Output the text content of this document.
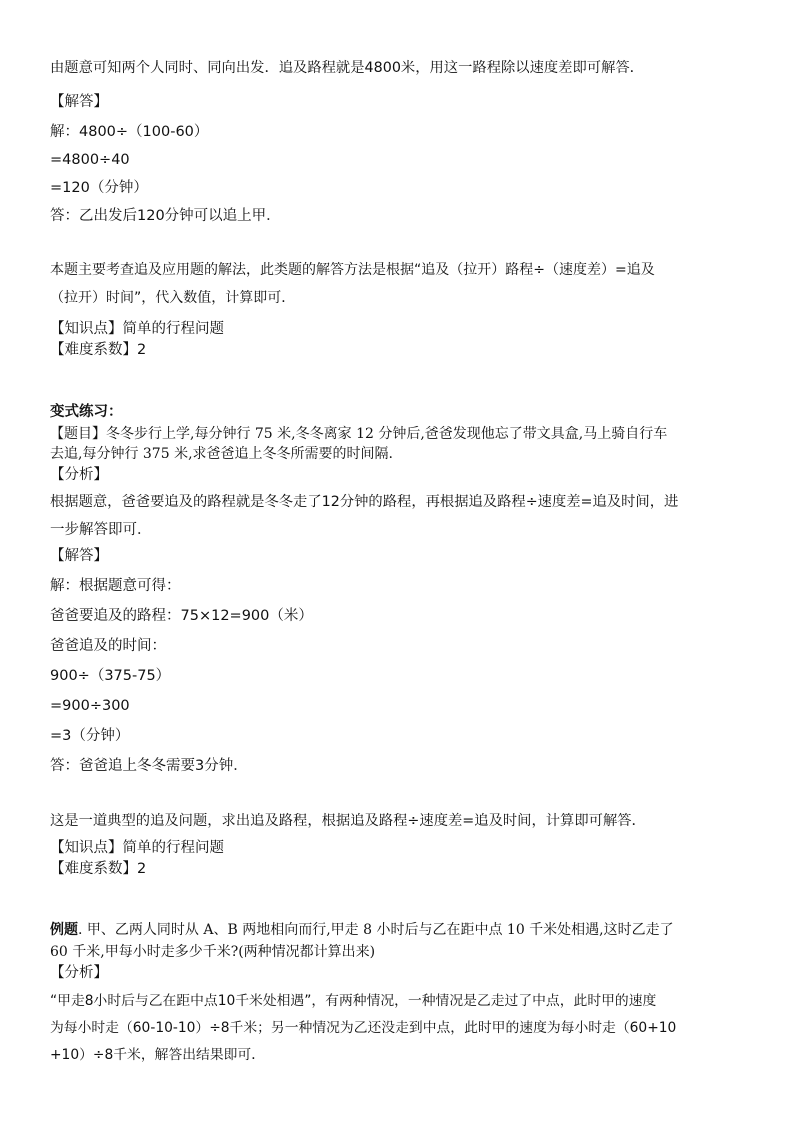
由题意可知两个人同时、同向出发．追及路程就是4800米，用这一路程除以速度差即可解答．
【解答】
解：4800÷（100-60）
=4800÷40
=120（分钟）
答：乙出发后120分钟可以追上甲．
本题主要考查追及应用题的解法，此类题的解答方法是根据“追及（拉开）路程÷（速度差）=追及
（拉开）时间”，代入数值，计算即可．
【知识点】简单的行程问题
【难度系数】2
变式练习：
【题目】冬冬步行上学,每分钟行 75 米,冬冬离家 12 分钟后,爸爸发现他忘了带文具盒,马上骑自行车
去追,每分钟行 375 米,求爸爸追上冬冬所需要的时间隔.
【分析】
根据题意，爸爸要追及的路程就是冬冬走了12分钟的路程，再根据追及路程÷速度差=追及时间，进
一步解答即可．
【解答】
解：根据题意可得：
爸爸要追及的路程：75×12=900（米）
爸爸追及的时间：
900÷（375-75）
=900÷300
=3（分钟）
答：爸爸追上冬冬需要3分钟．
这是一道典型的追及问题，求出追及路程，根据追及路程÷速度差=追及时间，计算即可解答．
【知识点】简单的行程问题
【难度系数】2
例题. 甲、乙两人同时从 A、B 两地相向而行,甲走 8 小时后与乙在距中点 10 千米处相遇,这时乙走了
60 千米,甲每小时走多少千米?(两种情况都计算出来)
【分析】
“甲走8小时后与乙在距中点10千米处相遇”，有两种情况，一种情况是乙走过了中点，此时甲的速度
为每小时走（60-10-10）÷8千米；另一种情况为乙还没走到中点，此时甲的速度为每小时走（60+10
+10）÷8千米，解答出结果即可．
